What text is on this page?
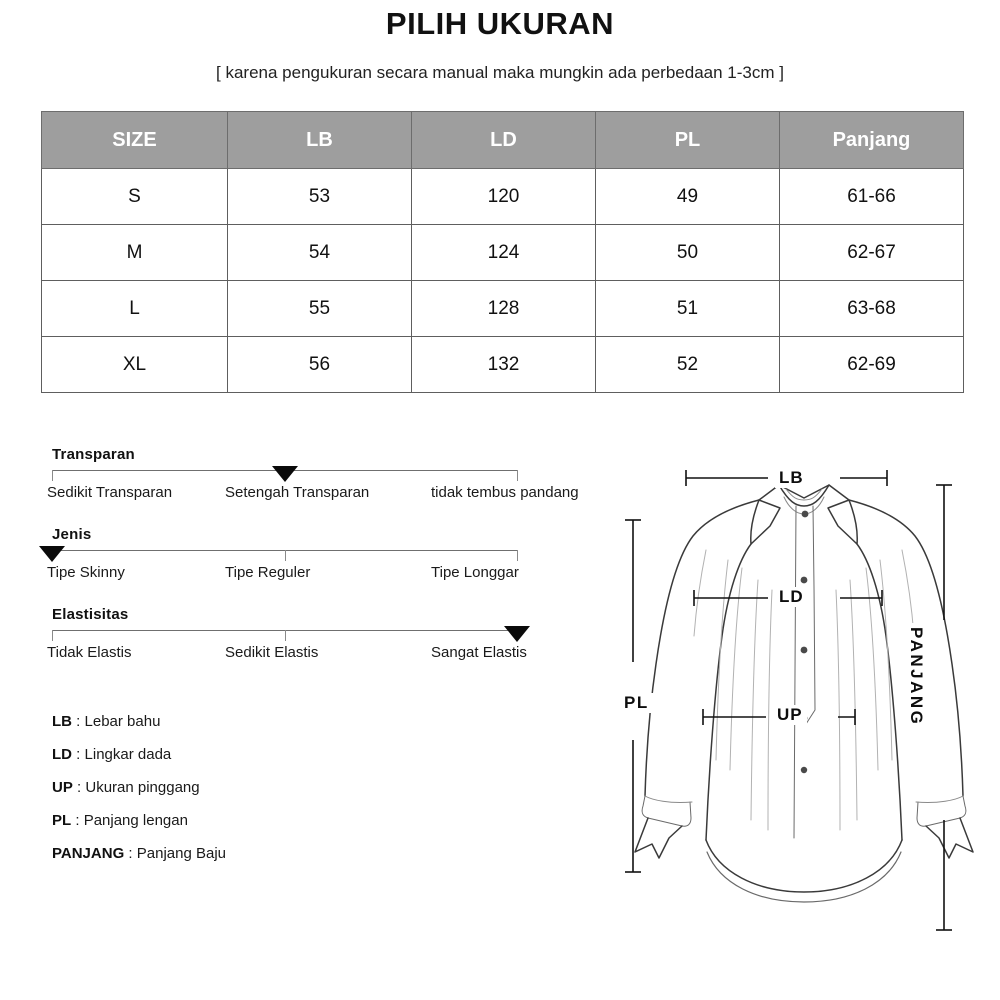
PILIH UKURAN
[ karena pengukuran secara manual maka mungkin ada perbedaan 1-3cm ]
SIZE	LB	LD	PL	Panjang
S	53	120	49	61-66
M	54	124	50	62-67
L	55	128	51	63-68
XL	56	132	52	62-69
Transparan
Sedikit Transparan	Setengah Transparan	tidak tembus pandang
Jenis
Tipe Skinny	Tipe Reguler	Tipe Longgar
Elastisitas
Tidak Elastis	Sedikit Elastis	Sangat Elastis
LB : Lebar bahu
LD : Lingkar dada
UP : Ukuran pinggang
PL : Panjang lengan
PANJANG : Panjang Baju
LB
LD
UP
PL	PANJANG
